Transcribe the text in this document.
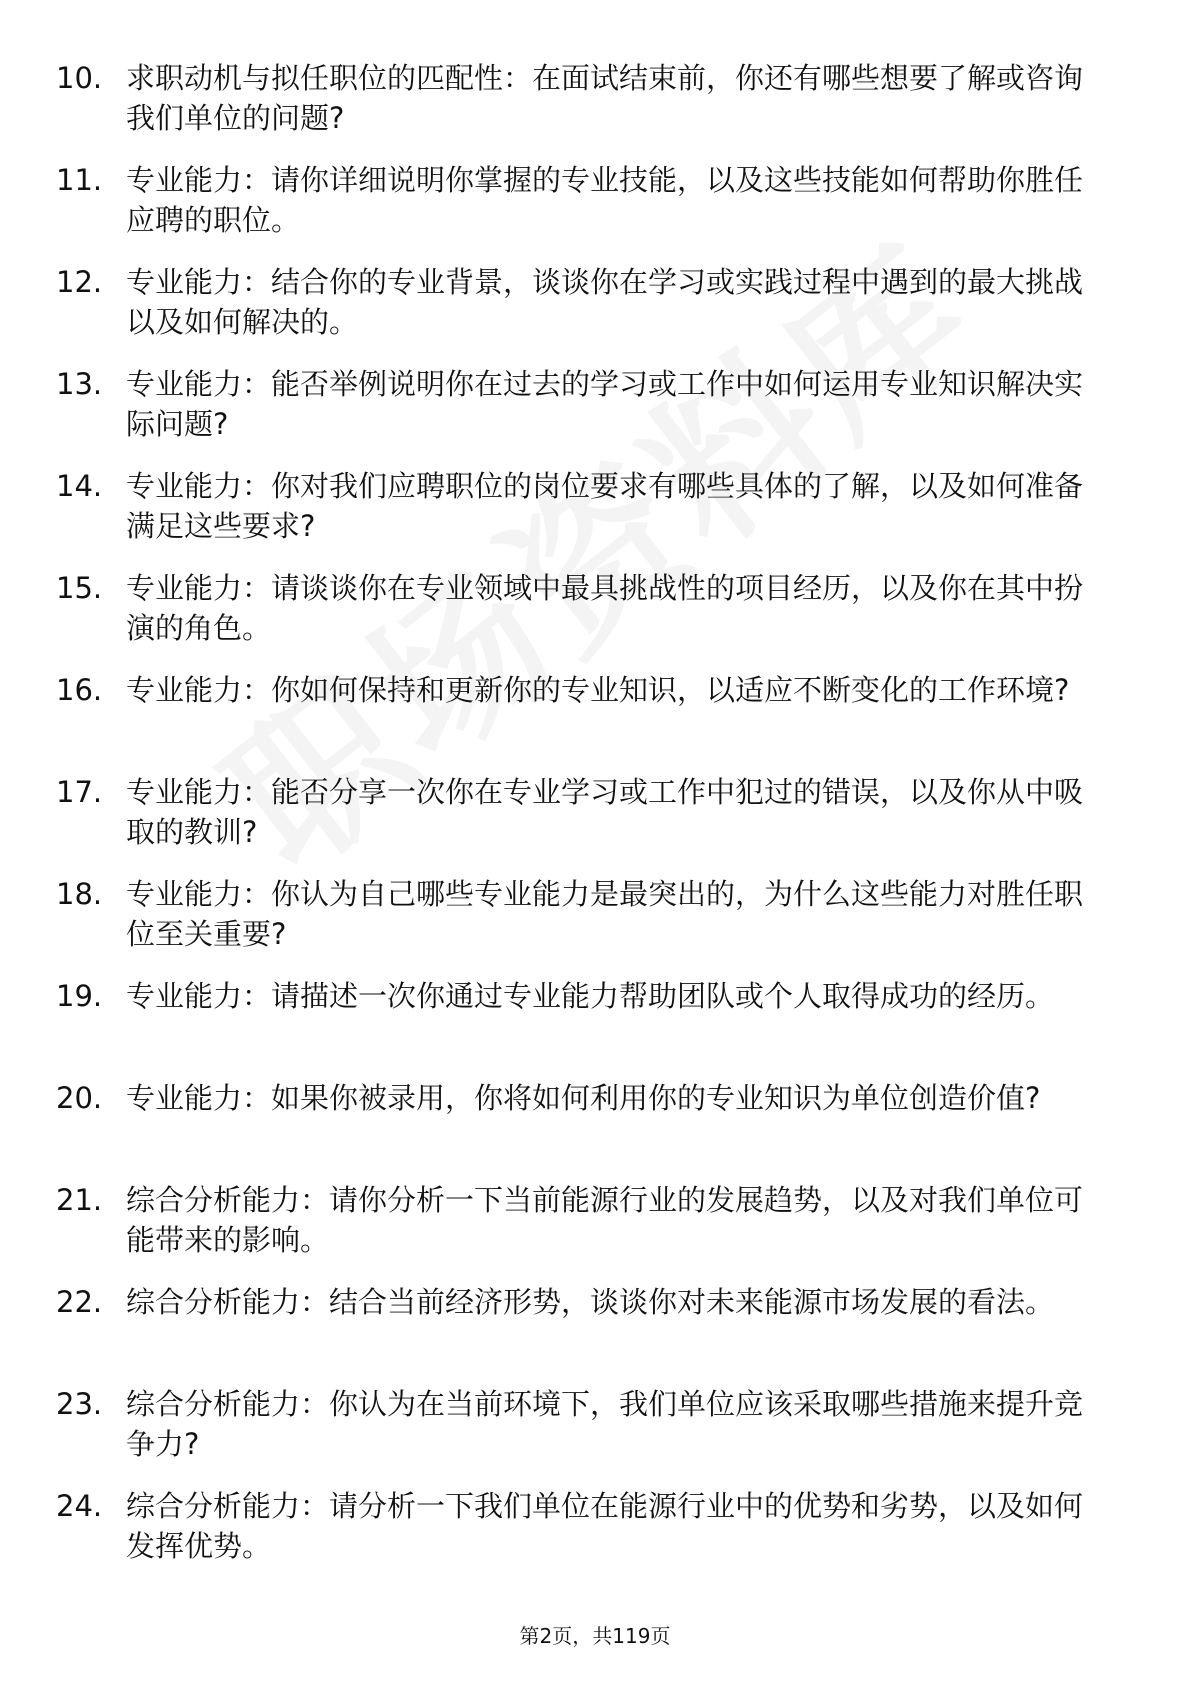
10. 求职动机与拟任职位的匹配性：在面试结束前，你还有哪些想要了解或咨询我们单位的问题?
11. 专业能力：请你详细说明你掌握的专业技能，以及这些技能如何帮助你胜任应聘的职位。
12. 专业能力：结合你的专业背景，谈谈你在学习或实践过程中遇到的最大挑战以及如何解决的。
13. 专业能力：能否举例说明你在过去的学习或工作中如何运用专业知识解决实际问题?
14. 专业能力：你对我们应聘职位的岗位要求有哪些具体的了解，以及如何准备满足这些要求?
15. 专业能力：请谈谈你在专业领域中最具挑战性的项目经历，以及你在其中扮演的角色。
16. 专业能力：你如何保持和更新你的专业知识，以适应不断变化的工作环境?
17. 专业能力：能否分享一次你在专业学习或工作中犯过的错误，以及你从中吸取的教训?
18. 专业能力：你认为自己哪些专业能力是最突出的，为什么这些能力对胜任职位至关重要?
19. 专业能力：请描述一次你通过专业能力帮助团队或个人取得成功的经历。
20. 专业能力：如果你被录用，你将如何利用你的专业知识为单位创造价值?
21. 综合分析能力：请你分析一下当前能源行业的发展趋势，以及对我们单位可能带来的影响。
22. 综合分析能力：结合当前经济形势，谈谈你对未来能源市场发展的看法。
23. 综合分析能力：你认为在当前环境下，我们单位应该采取哪些措施来提升竞争力?
24. 综合分析能力：请分析一下我们单位在能源行业中的优势和劣势，以及如何发挥优势。
第2页，共119页
